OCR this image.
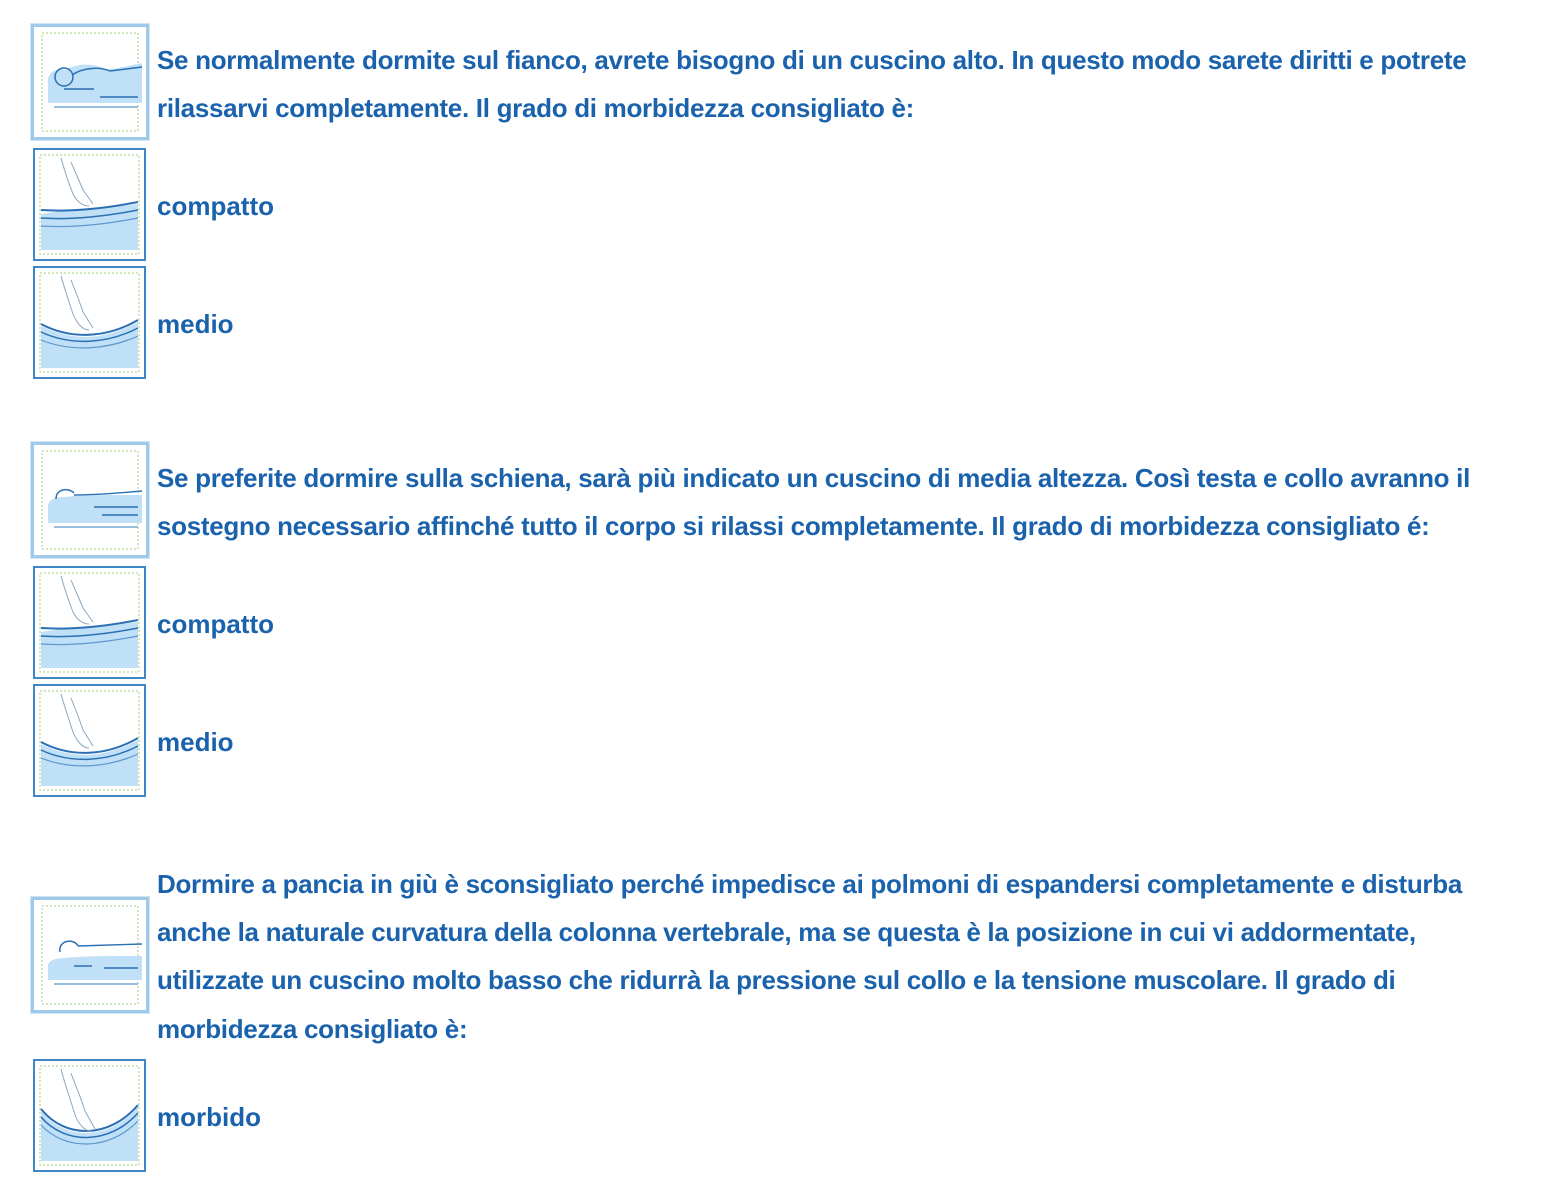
Se normalmente dormite sul fianco, avrete bisogno di un cuscino alto. In questo modo sarete diritti e potrete

rilassarvi completamente. Il grado di morbidezza consigliato è:

compatto

medio

Se preferite dormire sulla schiena, sarà più indicato un cuscino di media altezza. Così testa e collo avranno il

sostegno necessario affinché tutto il corpo si rilassi completamente. Il grado di morbidezza consigliato é:

compatto

medio

Dormire a pancia in giù è sconsigliato perché impedisce ai polmoni di espandersi completamente e disturba

anche la naturale curvatura della colonna vertebrale, ma se questa è la posizione in cui vi addormentate,

utilizzate un cuscino molto basso che ridurrà la pressione sul collo e la tensione muscolare. Il grado di

morbidezza consigliato è:

morbido
